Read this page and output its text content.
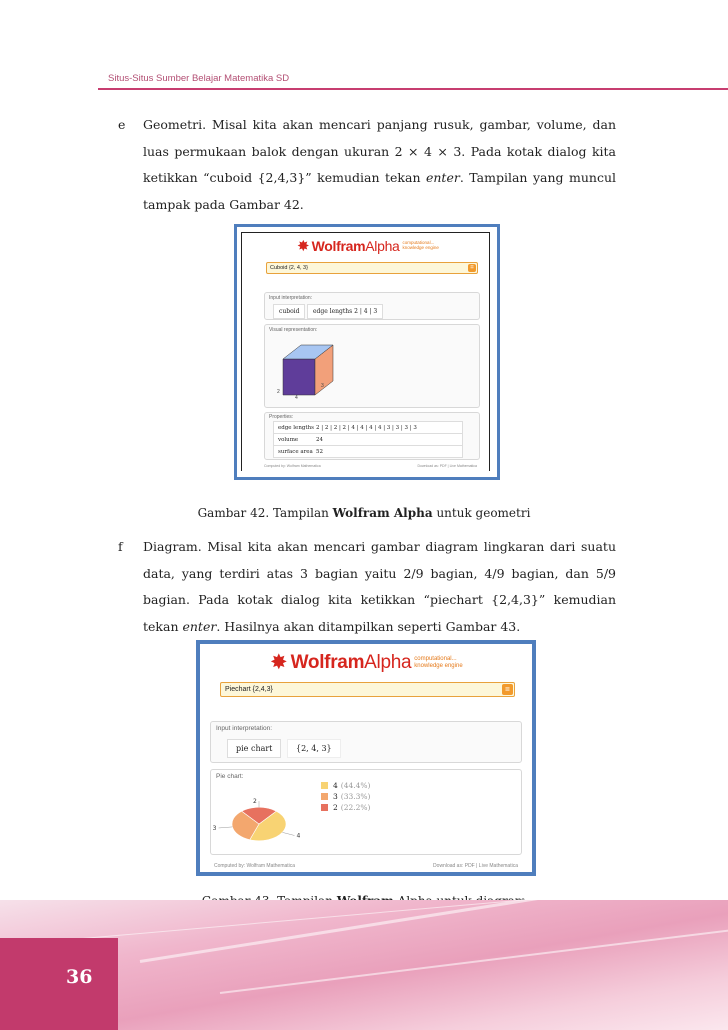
Situs-Situs Sumber Belajar Matematika SD
e Geometri. Misal kita akan mencari panjang rusuk, gambar, volume, dan luas permukaan balok dengan ukuran 2 × 4 × 3. Pada kotak dialog kita ketikkan “cuboid {2,4,3}” kemudian tekan enter. Tampilan yang muncul tampak pada Gambar 42.
✸ WolframAlpha computational...
knowledge engine
Cuboid {2, 4, 3}	=
Input interpretation:
cuboid	edge lengths 2 | 4 | 3
Visual representation:
2
4
3
Properties:
edge lengths 2 | 2 | 2 | 2 | 4 | 4 | 4 | 4 | 3 | 3 | 3 | 3
volume	24
surface area 52
Computed by: Wolfram Mathematica	Download as: PDF | Live Mathematica
Gambar 42. Tampilan Wolfram Alpha untuk geometri
f Diagram. Misal kita akan mencari gambar diagram lingkaran dari suatu data, yang terdiri atas 3 bagian yaitu 2/9 bagian, 4/9 bagian, dan 5/9 bagian. Pada kotak dialog kita ketikkan “piechart {2,4,3}” kemudian tekan enter. Hasilnya akan ditampilkan seperti Gambar 43.
✸ WolframAlpha computational...
knowledge engine
Piechart {2,4,3}	=
Input interpretation:
pie chart	{2, 4, 3}
Pie chart:
4
3
2
4 (44.4%)
3 (33.3%)
2 (22.2%)
Computed by: Wolfram Mathematica	Download as: PDF | Live Mathematica
36
